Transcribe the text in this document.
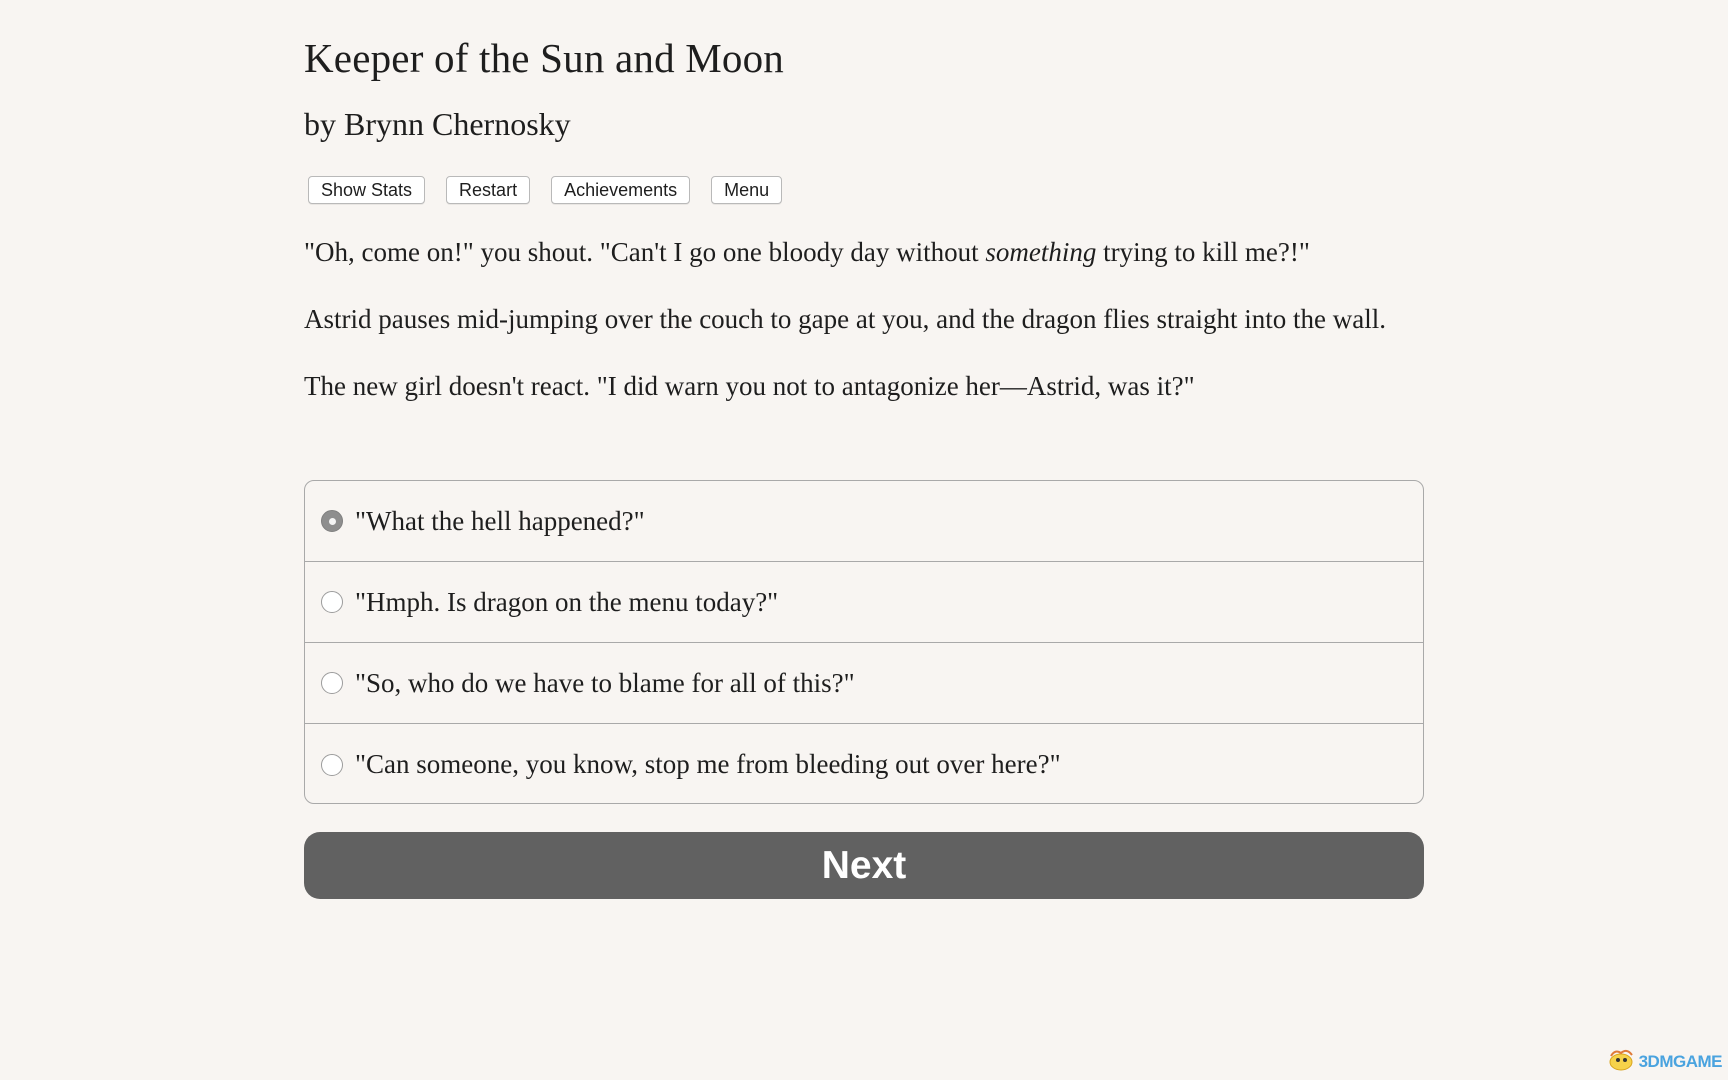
Keeper of the Sun and Moon
by Brynn Chernosky
Show Stats	Restart	Achievements	Menu

"Oh, come on!" you shout. "Can't I go one bloody day without something trying to kill me?!"

Astrid pauses mid-jumping over the couch to gape at you, and the dragon flies straight into the wall.

The new girl doesn't react. "I did warn you not to antagonize her—Astrid, was it?"

"What the hell happened?"
"Hmph. Is dragon on the menu today?"
"So, who do we have to blame for all of this?"
"Can someone, you know, stop me from bleeding out over here?"
Next
3DMGAME
